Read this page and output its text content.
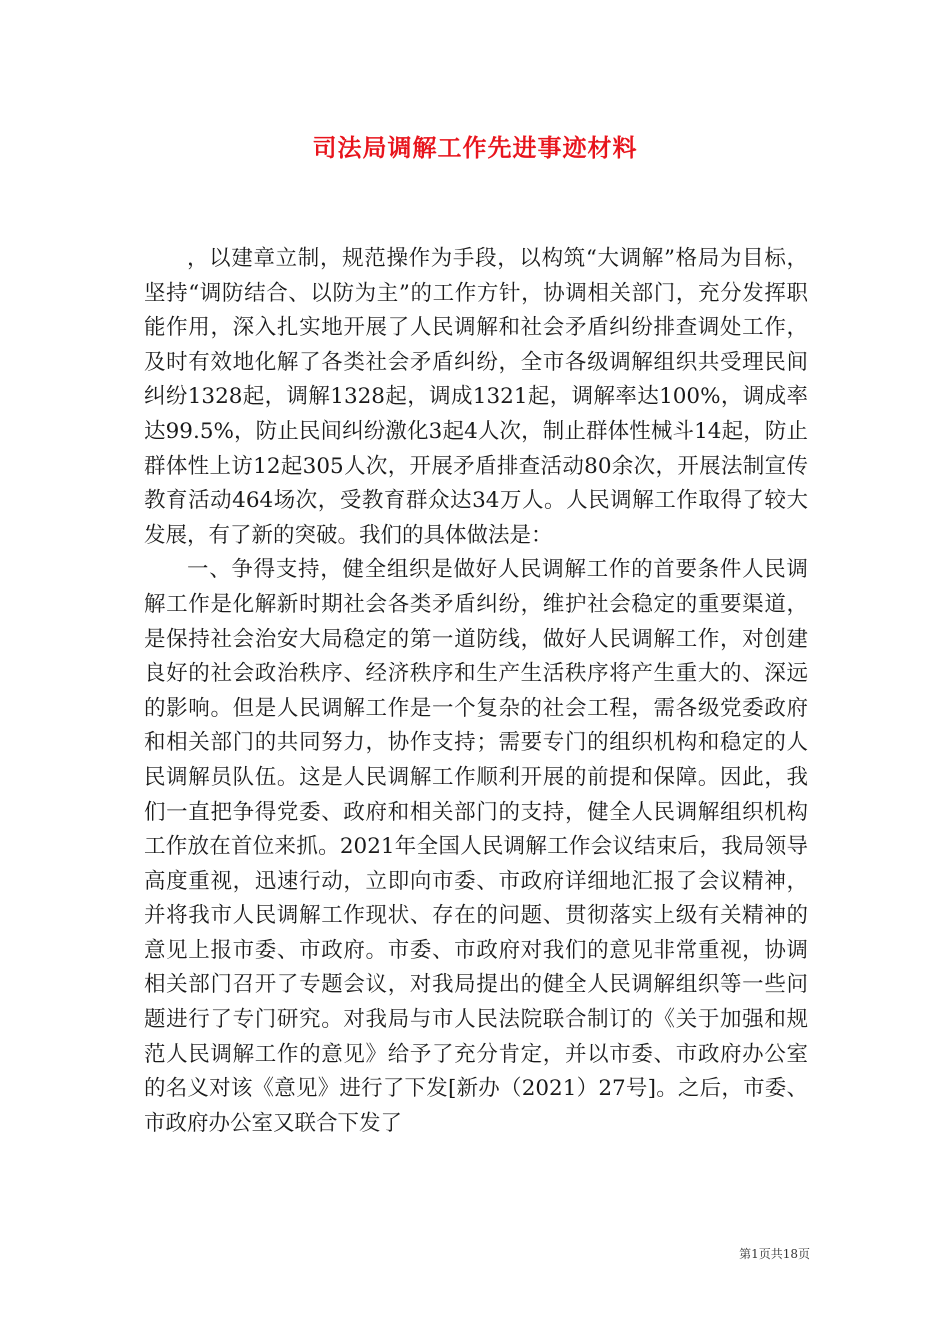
司法局调解工作先进事迹材料

，以建章立制，规范操作为手段，以构筑“大调解”格局为目标，坚持“调防结合、以防为主”的工作方针，协调相关部门，充分发挥职能作用，深入扎实地开展了人民调解和社会矛盾纠纷排查调处工作，及时有效地化解了各类社会矛盾纠纷，全市各级调解组织共受理民间纠纷1328起，调解1328起，调成1321起，调解率达100%，调成率达99.5%，防止民间纠纷激化3起4人次，制止群体性械斗14起，防止群体性上访12起305人次，开展矛盾排查活动80余次，开展法制宣传教育活动464场次，受教育群众达34万人。人民调解工作取得了较大发展，有了新的突破。我们的具体做法是：

一、争得支持，健全组织是做好人民调解工作的首要条件人民调解工作是化解新时期社会各类矛盾纠纷，维护社会稳定的重要渠道，是保持社会治安大局稳定的第一道防线，做好人民调解工作，对创建良好的社会政治秩序、经济秩序和生产生活秩序将产生重大的、深远的影响。但是人民调解工作是一个复杂的社会工程，需各级党委政府和相关部门的共同努力，协作支持；需要专门的组织机构和稳定的人民调解员队伍。这是人民调解工作顺利开展的前提和保障。因此，我们一直把争得党委、政府和相关部门的支持，健全人民调解组织机构工作放在首位来抓。2021年全国人民调解工作会议结束后，我局领导高度重视，迅速行动，立即向市委、市政府详细地汇报了会议精神，并将我市人民调解工作现状、存在的问题、贯彻落实上级有关精神的意见上报市委、市政府。市委、市政府对我们的意见非常重视，协调相关部门召开了专题会议，对我局提出的健全人民调解组织等一些问题进行了专门研究。对我局与市人民法院联合制订的《关于加强和规范人民调解工作的意见》给予了充分肯定，并以市委、市政府办公室的名义对该《意见》进行了下发[新办（2021）27号]。之后，市委、市政府办公室又联合下发了

第1页共18页
